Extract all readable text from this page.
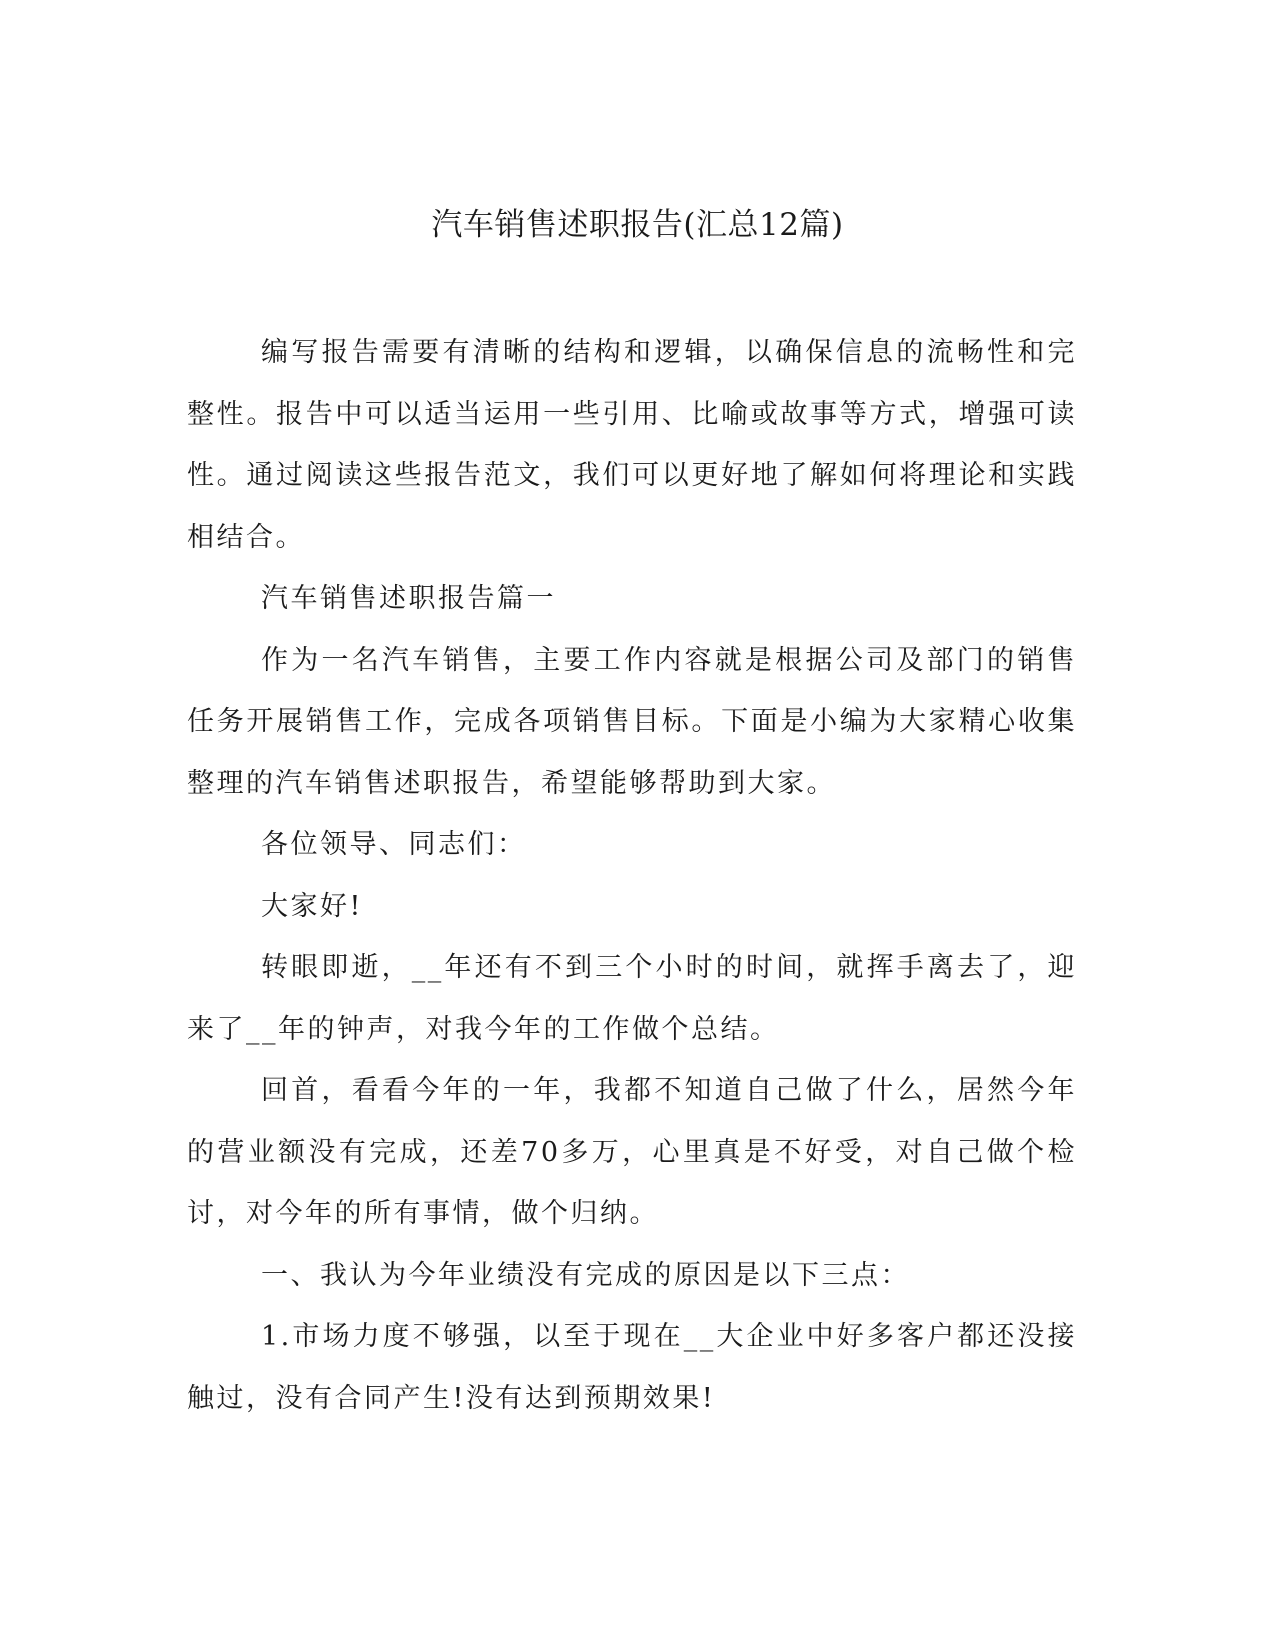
汽车销售述职报告(汇总12篇)

编写报告需要有清晰的结构和逻辑，以确保信息的流畅性和完整性。报告中可以适当运用一些引用、比喻或故事等方式，增强可读性。通过阅读这些报告范文，我们可以更好地了解如何将理论和实践相结合。

汽车销售述职报告篇一

作为一名汽车销售，主要工作内容就是根据公司及部门的销售任务开展销售工作，完成各项销售目标。下面是小编为大家精心收集整理的汽车销售述职报告，希望能够帮助到大家。

各位领导、同志们：

大家好!

转眼即逝，__年还有不到三个小时的时间，就挥手离去了，迎来了__年的钟声，对我今年的工作做个总结。

回首，看看今年的一年，我都不知道自己做了什么，居然今年的营业额没有完成，还差70多万，心里真是不好受，对自己做个检讨，对今年的所有事情，做个归纳。

一、我认为今年业绩没有完成的原因是以下三点：

1.市场力度不够强，以至于现在__大企业中好多客户都还没接触过，没有合同产生!没有达到预期效果!
